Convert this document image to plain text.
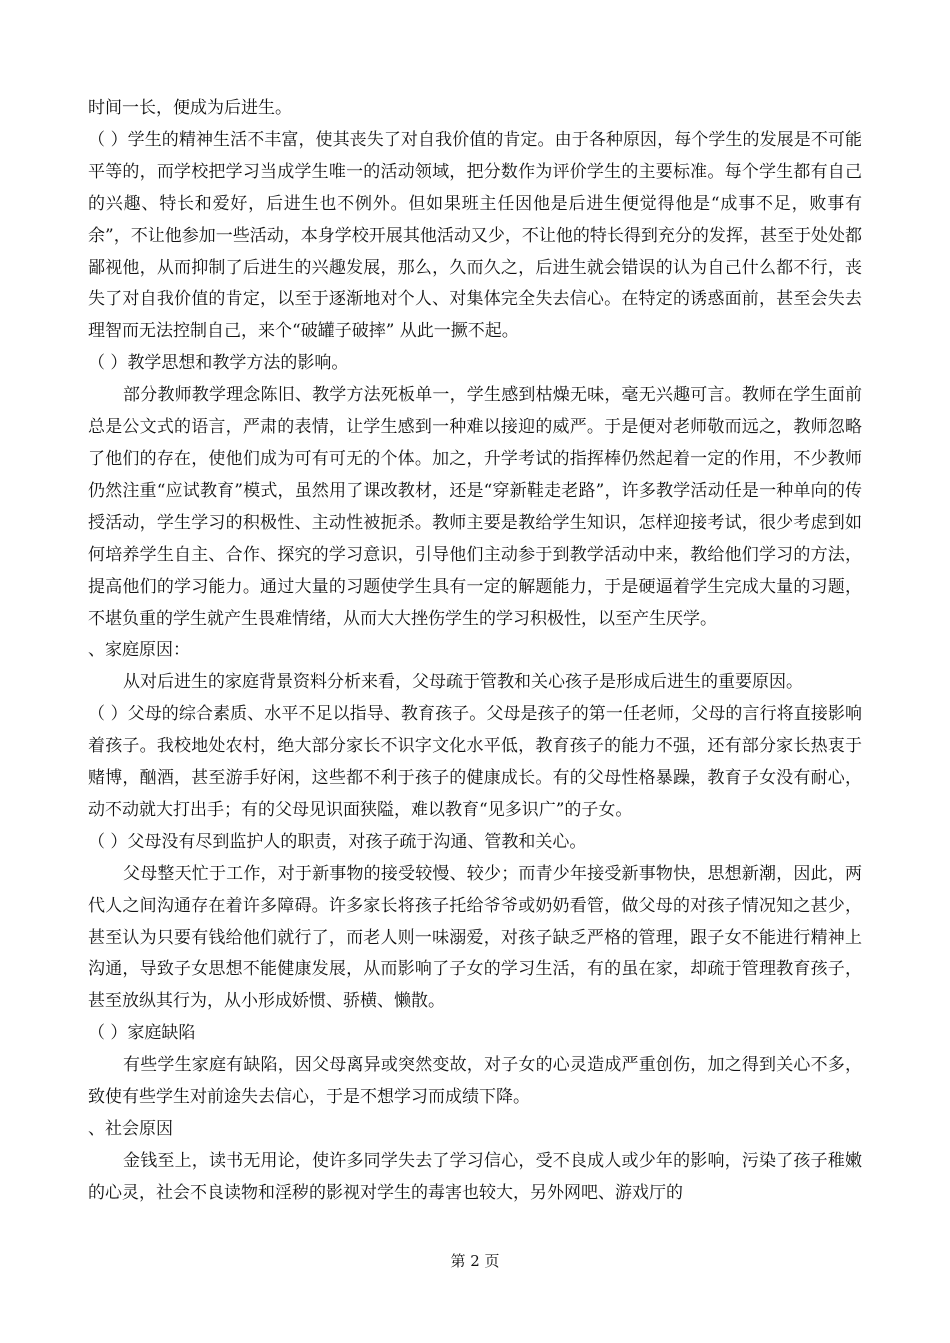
时间一长，便成为后进生。

（ ）学生的精神生活不丰富，使其丧失了对自我价值的肯定。由于各种原因，每个学生的发展是不可能平等的，而学校把学习当成学生唯一的活动领域，把分数作为评价学生的主要标准。每个学生都有自己的兴趣、特长和爱好，后进生也不例外。但如果班主任因他是后进生便觉得他是“成事不足，败事有余”，不让他参加一些活动，本身学校开展其他活动又少，不让他的特长得到充分的发挥，甚至于处处都鄙视他，从而抑制了后进生的兴趣发展，那么，久而久之，后进生就会错误的认为自己什么都不行，丧失了对自我价值的肯定，以至于逐渐地对个人、对集体完全失去信心。在特定的诱惑面前，甚至会失去理智而无法控制自己，来个“破罐子破摔” 从此一撅不起。

（ ）教学思想和教学方法的影响。

部分教师教学理念陈旧、教学方法死板单一，学生感到枯燥无味，毫无兴趣可言。教师在学生面前总是公文式的语言，严肃的表情，让学生感到一种难以接迎的威严。于是便对老师敬而远之，教师忽略了他们的存在，使他们成为可有可无的个体。加之，升学考试的指挥棒仍然起着一定的作用，不少教师仍然注重“应试教育”模式，虽然用了课改教材，还是“穿新鞋走老路”，许多教学活动任是一种单向的传授活动，学生学习的积极性、主动性被扼杀。教师主要是教给学生知识，怎样迎接考试，很少考虑到如何培养学生自主、合作、探究的学习意识，引导他们主动参于到教学活动中来，教给他们学习的方法，提高他们的学习能力。通过大量的习题使学生具有一定的解题能力，于是硬逼着学生完成大量的习题，不堪负重的学生就产生畏难情绪，从而大大挫伤学生的学习积极性，以至产生厌学。

、家庭原因：

从对后进生的家庭背景资料分析来看，父母疏于管教和关心孩子是形成后进生的重要原因。

（ ）父母的综合素质、水平不足以指导、教育孩子。父母是孩子的第一任老师，父母的言行将直接影响着孩子。我校地处农村，绝大部分家长不识字文化水平低，教育孩子的能力不强，还有部分家长热衷于赌博，酗酒，甚至游手好闲，这些都不利于孩子的健康成长。有的父母性格暴躁，教育子女没有耐心，动不动就大打出手；有的父母见识面狭隘，难以教育“见多识广”的子女。

（ ）父母没有尽到监护人的职责，对孩子疏于沟通、管教和关心。

父母整天忙于工作，对于新事物的接受较慢、较少；而青少年接受新事物快，思想新潮，因此，两代人之间沟通存在着许多障碍。许多家长将孩子托给爷爷或奶奶看管，做父母的对孩子情况知之甚少，甚至认为只要有钱给他们就行了，而老人则一味溺爱，对孩子缺乏严格的管理，跟子女不能进行精神上沟通，导致子女思想不能健康发展，从而影响了子女的学习生活，有的虽在家，却疏于管理教育孩子，甚至放纵其行为，从小形成娇惯、骄横、懒散。

（ ）家庭缺陷

有些学生家庭有缺陷，因父母离异或突然变故，对子女的心灵造成严重创伤，加之得到关心不多，致使有些学生对前途失去信心，于是不想学习而成绩下降。

、社会原因

金钱至上，读书无用论，使许多同学失去了学习信心，受不良成人或少年的影响，污染了孩子稚嫩的心灵，社会不良读物和淫秽的影视对学生的毒害也较大，另外网吧、游戏厅的

第 2 页
